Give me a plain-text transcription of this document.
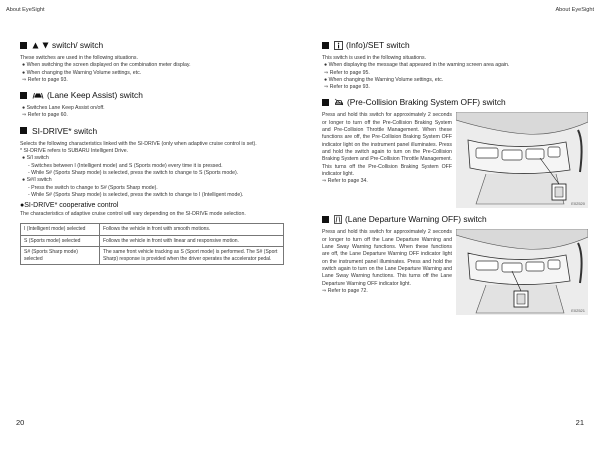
About EyeSight
switch/ switch

These switches are used in the following situations.

● When switching the screen displayed on the combination meter display.
● When changing the Warning Volume settings, etc.
⇒ Refer to page 93.
(Lane Keep Assist) switch
● Switches Lane Keep Assist on/off.
⇒ Refer to page 60.
SI-DRIVE* switch

Selects the following characteristics linked with the SI-DRIVE (only when adaptive cruise control is set).

* SI-DRIVE refers to SUBARU Intelligent Drive.

● S/I switch
- Switches between I (Intelligent mode) and S (Sports mode) every time it is pressed.
- While S# (Sports Sharp mode) is selected, press the switch to change to S (Sports mode).
● S#/I switch
- Press the switch to change to S# (Sports Sharp mode).
- While S# (Sports Sharp mode) is selected, press the switch to change to I (Intelligent mode).
●SI-DRIVE* cooperative control

The characteristics of adaptive cruise control will vary depending on the SI-DRIVE mode selection.

I (Intelligent mode) selected	Follows the vehicle in front with smooth motions.
S (Sports mode) selected	Follows the vehicle in front with linear and responsive motion.
S# (Sports Sharp mode) selected	The same front vehicle tracking as S (Sport mode) is performed. The S# (Sport Sharp) response is provided when the driver operates the accelerator pedal.
20
About EyeSight
(Info)/SET switch

This switch is used in the following situations.

● When displaying the message that appeared in the warning screen area again.
⇒ Refer to page 95.
● When changing the Warning Volume settings, etc.
⇒ Refer to page 93.
(Pre-Collision Braking System OFF) switch

Press and hold this switch for approximately 2 seconds or longer to turn off the Pre-Collision Braking System and Pre-Collision Throttle Management. When these functions are off, the Pre-Collision Braking System OFF indicator light on the instrument panel illuminates. Press and hold the switch again to turn on the Pre-Collision Braking System and Pre-Collision Throttle Management. This turns off the Pre-Collision Braking System OFF indicator light.

⇒ Refer to page 34.

E02520
(Lane Departure Warning OFF) switch

Press and hold this switch for approximately 2 seconds or longer to turn off the Lane Departure Warning and Lane Sway Warning functions. When these functions are off, the Lane Departure Warning OFF indicator light on the instrument panel illuminates. Press and hold the switch again to turn on the Lane Departure Warning and Lane Sway Warning functions. This turns off the Lane Departure Warning OFF indicator light.

⇒ Refer to page 72.

E02521
21
